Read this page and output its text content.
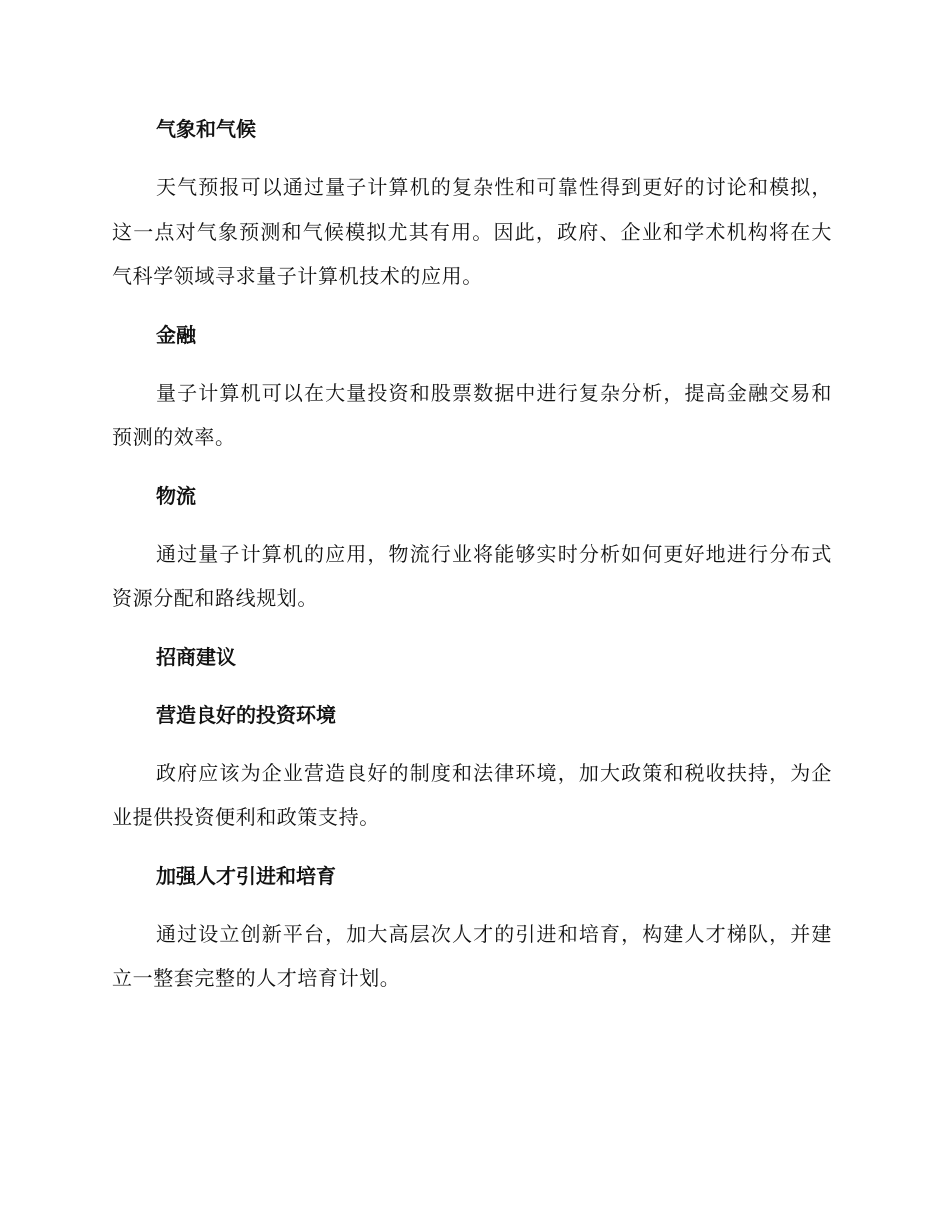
气象和气候

天气预报可以通过量子计算机的复杂性和可靠性得到更好的讨论和模拟，这一点对气象预测和气候模拟尤其有用。因此，政府、企业和学术机构将在大气科学领域寻求量子计算机技术的应用。

金融

量子计算机可以在大量投资和股票数据中进行复杂分析，提高金融交易和预测的效率。

物流

通过量子计算机的应用，物流行业将能够实时分析如何更好地进行分布式资源分配和路线规划。

招商建议
营造良好的投资环境

政府应该为企业营造良好的制度和法律环境，加大政策和税收扶持，为企业提供投资便利和政策支持。

加强人才引进和培育

通过设立创新平台，加大高层次人才的引进和培育，构建人才梯队，并建立一整套完整的人才培育计划。
